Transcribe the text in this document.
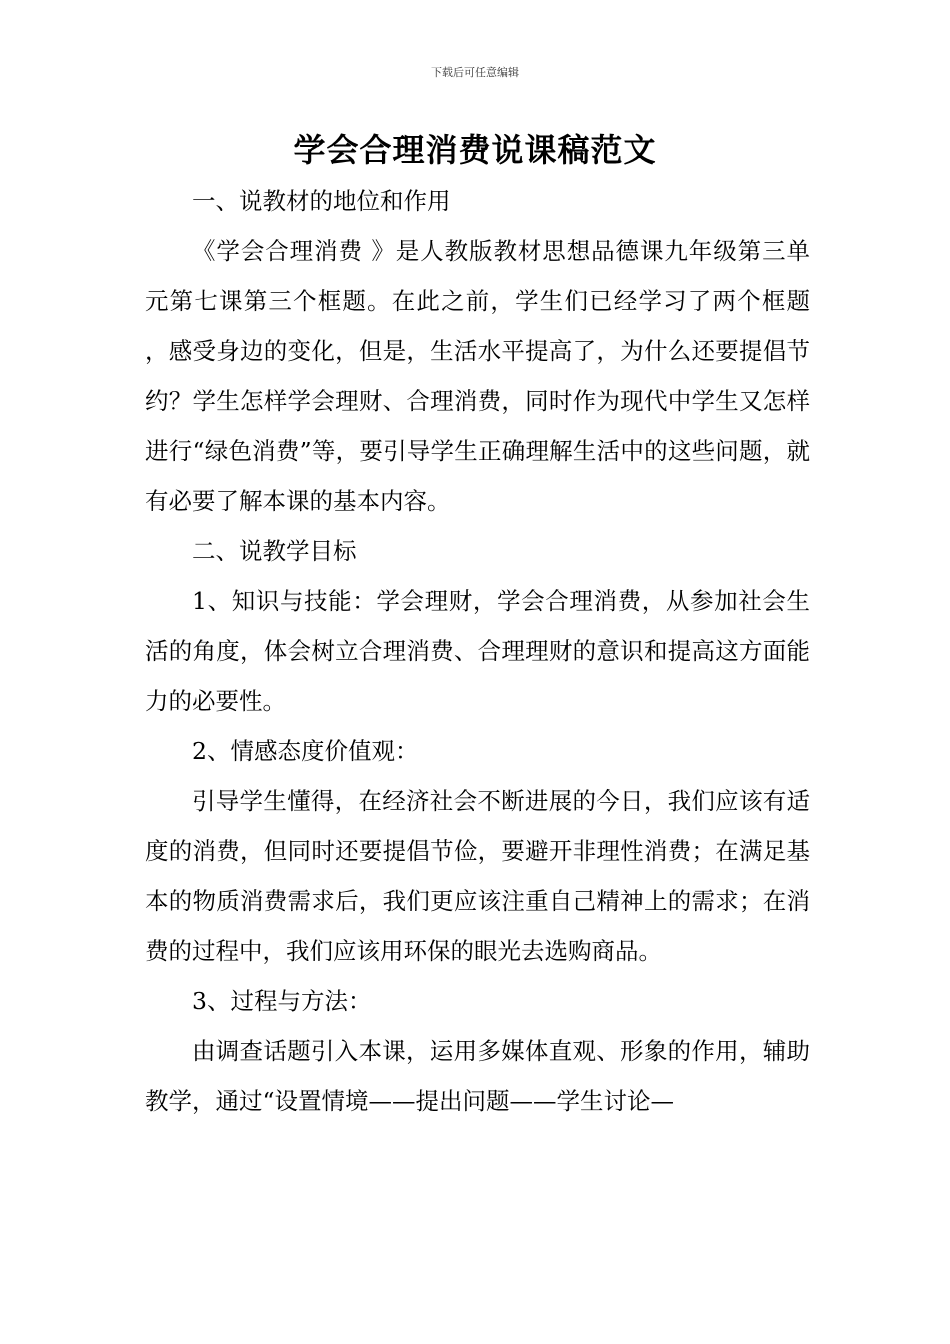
下载后可任意编辑
学会合理消费说课稿范文

一、说教材的地位和作用

《学会合理消费 》是人教版教材思想品德课九年级第三单元第七课第三个框题。在此之前，学生们已经学习了两个框题 ，感受身边的变化，但是，生活水平提高了，为什么还要提倡节约？学生怎样学会理财、合理消费，同时作为现代中学生又怎样进行“绿色消费”等，要引导学生正确理解生活中的这些问题，就有必要了解本课的基本内容。

二、说教学目标

1、知识与技能：学会理财，学会合理消费，从参加社会生活的角度，体会树立合理消费、合理理财的意识和提高这方面能力的必要性。

2、情感态度价值观：

引导学生懂得，在经济社会不断进展的今日，我们应该有适度的消费，但同时还要提倡节俭，要避开非理性消费；在满足基本的物质消费需求后，我们更应该注重自己精神上的需求；在消费的过程中，我们应该用环保的眼光去选购商品。

3、过程与方法：

由调查话题引入本课，运用多媒体直观、形象的作用，辅助教学，通过“设置情境——提出问题——学生讨论—
